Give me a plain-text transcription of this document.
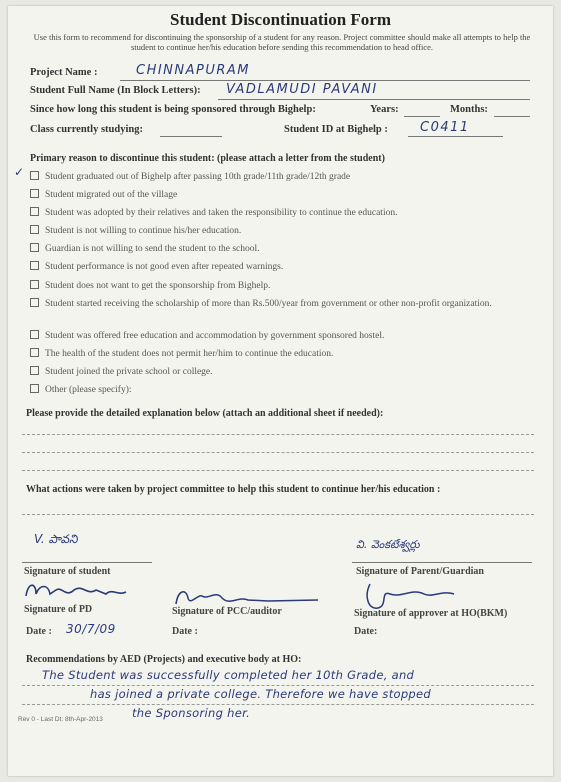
Student Discontinuation Form
Use this form to recommend for discontinuing the sponsorship of a student for any reason. Project committee should make all attempts to help the student to continue her/his education before sending this recommendation to head office.
Project Name :	CHINNAPURAM
Student Full Name (In Block Letters): VADLAMUDI PAVANI
Since how long this student is being sponsored through Bighelp:	Years:	Months:
Class currently studying:	Student ID at Bighelp : C0411
Primary reason to discontinue this student: (please attach a letter from the student)
✓	Student graduated out of Bighelp after passing 10th grade/11th grade/12th grade
Student migrated out of the village
Student was adopted by their relatives and taken the responsibility to continue the education.
Student is not willing to continue his/her education.
Guardian is not willing to send the student to the school.
Student performance is not good even after repeated warnings.
Student does not want to get the sponsorship from Bighelp.
Student started receiving the scholarship of more than Rs.500/year from government or other non-profit organization.
Student was offered free education and accommodation by government sponsored hostel.
The health of the student does not permit her/him to continue the education.
Student joined the private school or college.
Other (please specify):
Please provide the detailed explanation below (attach an additional sheet if needed):
What actions were taken by project committee to help this student to continue her/his education :
V. పావని
Signature of student
వి. వెంకటేశ్వర్లు
Signature of Parent/Guardian
Signature of PD	Signature of PCC/auditor	Signature of approver at HO(BKM)
Date : 30/7/09	Date :	Date:
Recommendations by AED (Projects) and executive body at HO:
The Student was successfully completed her 10th Grade, and
has joined a private college. Therefore we have stopped
the Sponsoring her.
Rev 0 - Last Dt: 8th-Apr-2013
